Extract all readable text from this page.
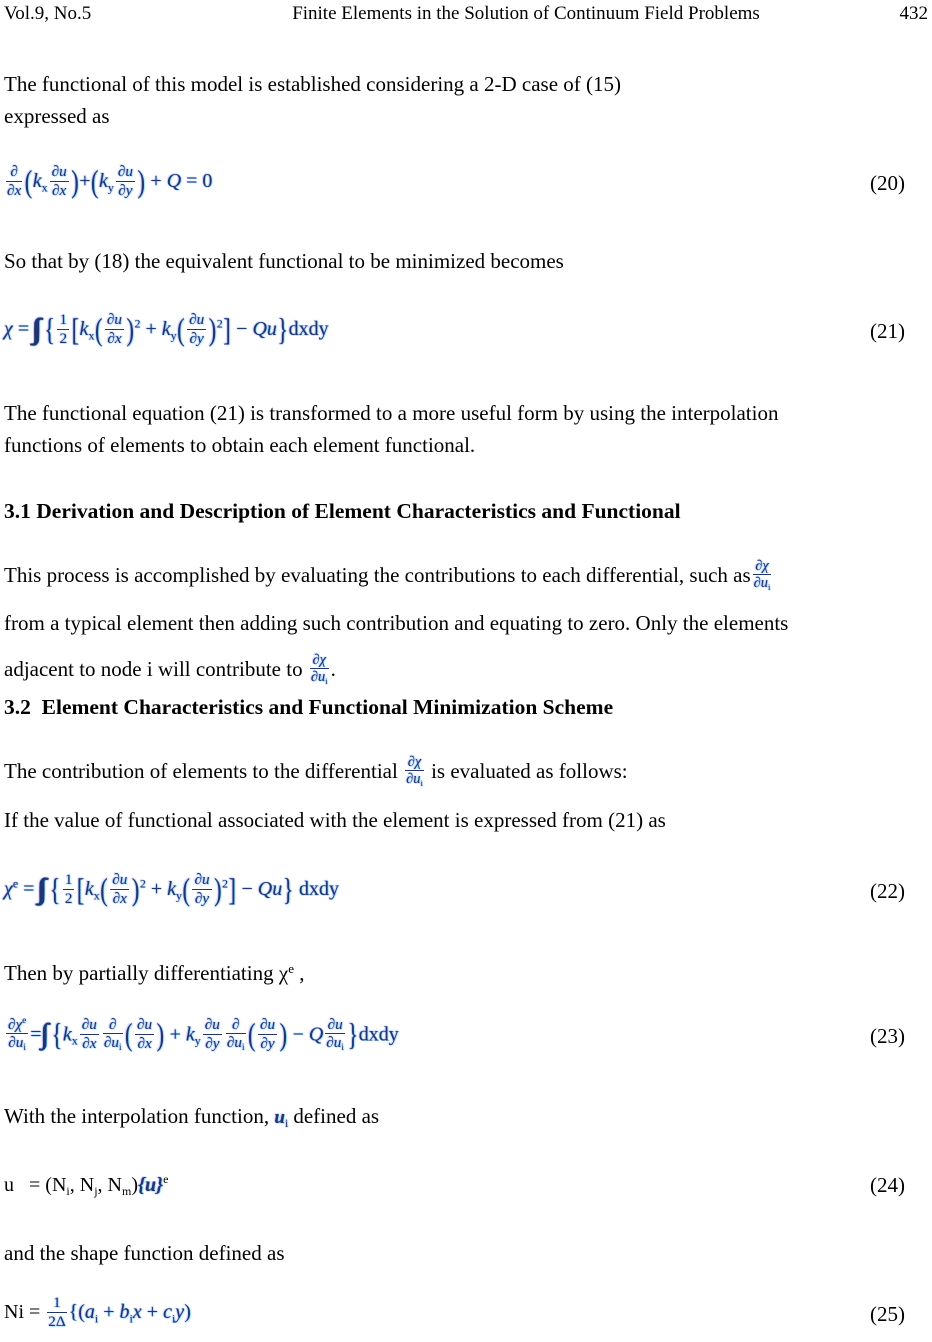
Vol.9, No.5	Finite Elements in the Solution of Continuum Field Problems	432
The functional of this model is established considering a 2-D case of (15)
expressed as
$\frac{\partial}{\partial x} (k_x \frac{\partial u}{\partial x} )+(k_y \frac{\partial u}{\partial y}$ ) + Q = 0	(20)
So that by (18) the equivalent functional to be minimized becomes
χ = { $\frac{1}{2} [k_x( \frac{\partial u}{\partial x} )^2 + k_y( \frac{\partial u}{\partial y} )^2]$ − Qu}dxdy	(21)
The functional equation (21) is transformed to a more useful form by using the interpolation
functions of elements to obtain each element functional.
3.1 Derivation and Description of Element Characteristics and Functional
This process is accomplished by evaluating the contributions to each differential, such as $\frac{\partial\chi}{\partial u_i}$
from a typical element then adding such contribution and equating to zero. Only the elements
adjacent to node i will contribute to $\frac{\partial\chi}{\partial u_i}$ .
3.2  Element Characteristics and Functional Minimization Scheme
The contribution of elements to the differential $\frac{\partial\chi}{\partial u_i}$ is evaluated as follows:
If the value of functional associated with the element is expressed from (21) as
$\chi^e$ = { $\frac{1}{2} [k_x( \frac{\partial u}{\partial x} )^2 + k_y( \frac{\partial u}{\partial y} )^2] - Qu$} dxdy	(22)
Then by partially differentiating $\chi^e$ ,
$\frac{\partial\chi^e}{\partial u_i} = \{k_x \frac{\partial u}{\partial x} \frac{\partial}{\partial u_i}$ ( $\frac{\partial u}{\partial x}$ ) + $k_y \frac{\partial u}{\partial y} \frac{\partial}{\partial u_i}$ ( $\frac{\partial u}{\partial y}$ ) − Q $\frac{\partial u}{\partial u_i}$ }dxdy	(23)
With the interpolation function, $u_i$ defined as
$u = (N_i$, $N_j$, $N_m)\{u\}^e$	(24)
and the shape function defined as
$Ni = \frac{1}{2\Delta} \{(a_i + b_ix + c_iy)$	(25)
